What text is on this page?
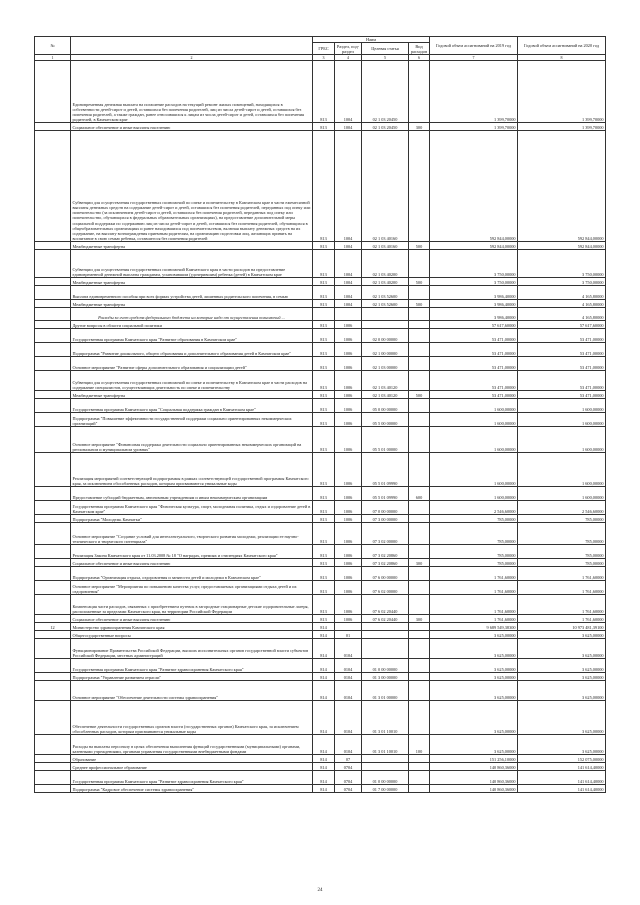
№		Наим				Годовой объем ассигнований на 2019 год	Годовой объем ассигнований на 2020 год
		ГРБС	Раздел, под-раздел	Целевая статья	Вид расходов		
1	2	3	4	5	6	7	8
	Единовременная денежная выплата на погашение расходов на текущий ремонт жилых помещений, находящихся в собственности детей-сирот и детей, оставшихся без попечения родителей, лиц из числа детей-сирот и детей, оставшихся без попечения родителей, а также граждан, ранее относившихся к лицам из числа детей-сирот и детей, оставшихся без попечения родителей, в Камчатском крае	813	1004	02 1 03 20450		1 399,70000	1 399,70000
	Социальное обеспечение и иные выплаты населению	813	1004	02 1 03 20450	300	1 399,70000	1 399,70000
	Субвенции для осуществления государственных полномочий по опеке и попечительству в Камчатском крае в части ежемесячной выплаты денежных средств на содержание детей-сирот и детей, оставшихся без попечения родителей, переданных под опеку или попечительство (за исключением детей-сирот и детей, оставшихся без попечения родителей, переданных под опеку или попечительство, обучающихся в федеральных образовательных организациях), на предоставление дополнительной меры социальной поддержки по содержанию лиц из числа детей-сирот и детей, оставшихся без попечения родителей, обучающихся в общеобразовательных организациях и ранее находившихся под попечительством, включая выплату денежных средств на их содержание, на выплату вознаграждения приемным родителям, на организацию подготовки лиц, желающих принять на воспитание в свою семью ребенка, оставшегося без попечения родителей	813	1004	02 1 03 40160		592 844,00000	592 844,00000
	Межбюджетные трансферты	813	1004	02 1 03 40160	500	592 844,00000	592 844,00000
	Субвенции для осуществления государственных полномочий Камчатского края в части расходов на предоставление единовременной денежной выплаты гражданам, усыновившим (удочерившим) ребенка (детей) в Камчатском крае	813	1004	02 1 03 40200		3 750,00000	3 750,00000
	Межбюджетные трансферты	813	1004	02 1 03 40200	500	3 750,00000	3 750,00000
	Выплата единовременного пособия при всех формах устройства детей, лишенных родительского попечения, в семью	813	1004	02 1 03 52600		3 986,40000	4 165,80000
	Межбюджетные трансферты	813	1004	02 1 03 52600	500	3 986,40000	4 165,80000
	Расходы за счет средств федерального бюджета на которые надо от осуществления полномочий ...					3 986,40000	4 165,80000
	Другие вопросы в области социальной политики	813	1006			57 617,60000	57 617,60000
	Государственная программа Камчатского края "Развитие образования в Камчатском крае"	813	1006	02 0 00 00000		53 471,00000	53 471,00000
	Подпрограмма "Развитие дошкольного, общего образования и дополнительного образования детей в Камчатском крае"	813	1006	02 1 00 00000		53 471,00000	53 471,00000
	Основное мероприятие "Развитие сферы дополнительного образования и социализации детей"	813	1006	02 1 03 00000		53 471,00000	53 471,00000
	Субвенции для осуществления государственных полномочий по опеке и попечительству в Камчатском крае в части расходов на содержание специалистов, осуществляющих деятельность по опеке и попечительству	813	1006	02 1 03 40120		53 471,00000	53 471,00000
	Межбюджетные трансферты	813	1006	02 1 03 40120	500	53 471,00000	53 471,00000
	Государственная программа Камчатского края "Социальная поддержка граждан в Камчатском крае"	813	1006	05 0 00 00000		1 600,00000	1 600,00000
	Подпрограмма "Повышение эффективности государственной поддержки социально ориентированных некоммерческих организаций"	813	1006	05 5 00 00000		1 600,00000	1 600,00000
	Основное мероприятие "Финансовая поддержка деятельности социально ориентированных некоммерческих организаций на региональном и муниципальном уровнях"	813	1006	05 5 01 00000		1 600,00000	1 600,00000
	Реализация мероприятий соответствующей подпрограммы в рамках соответствующей государственной программы Камчатского края, за исключением обособленных расходов, которым присваиваются уникальные коды	813	1006	05 5 01 09990		1 600,00000	1 600,00000
	Предоставление субсидий бюджетным, автономным учреждениям и иным некоммерческим организациям	813	1006	05 5 01 09990	600	1 600,00000	1 600,00000
	Государственная программа Камчатского края "Физическая культура, спорт, молодежная политика, отдых и оздоровление детей в Камчатском крае"	813	1006	07 0 00 00000		2 546,60000	2 546,60000
	Подпрограмма "Молодежь Камчатки"	813	1006	07 3 00 00000		785,00000	785,00000
	Основное мероприятие "Создание условий для интеллектуального, творческого развития молодежи, реализации ее научно-технического и творческого потенциала"	813	1006	07 3 02 00000		785,00000	785,00000
	Реализация Закона Камчатского края от 11.03.2008 № 18 "О наградах, премиях и стипендиях Камчатского края"	813	1006	07 3 02 20860		785,00000	785,00000
	Социальное обеспечение и иные выплаты населению	813	1006	07 3 02 20860	300	785,00000	785,00000
	Подпрограмма "Организация отдыха, оздоровления и занятости детей и молодежи в Камчатском крае"	813	1006	07 6 00 00000		1 761,60000	1 761,60000
	Основное мероприятие "Мероприятия по повышению качества услуг, предоставляемых организациями отдыха детей и их оздоровления"	813	1006	07 6 02 00000		1 761,60000	1 761,60000
	Компенсация части расходов, связанных с приобретением путевок в загородные стационарные детские оздоровительные лагеря, расположенные за пределами Камчатского края, на территории Российской Федерации	813	1006	07 6 02 20440		1 761,60000	1 761,60000
	Социальное обеспечение и иные выплаты населению	813	1006	07 6 02 20440	300	1 761,60000	1 761,60000
12	Министерство здравоохранения Камчатского края	814				9 689 549,38300	10 973 481,39100
	Общегосударственные вопросы	814	01			3 625,00000	3 625,00000
	Функционирование Правительства Российской Федерации, высших исполнительных органов государственной власти субъектов Российской Федерации, местных администраций	814	0104			3 625,00000	3 625,00000
	Государственная программа Камчатского края "Развитие здравоохранения Камчатского края"	814	0104	01 0 00 00000		3 625,00000	3 625,00000
	Подпрограмма "Управление развитием отрасли"	814	0104	01 3 00 00000		3 625,00000	3 625,00000
	Основное мероприятие "Обеспечение деятельности системы здравоохранения"	814	0104	01 3 01 00000		3 625,00000	3 625,00000
	Обеспечение деятельности государственных органов власти (государственных органов) Камчатского края, за исключением обособленных расходов, которым присваиваются уникальные коды	814	0104	01 3 01 10010		3 625,00000	3 625,00000
	Расходы на выплаты персоналу в целях обеспечения выполнения функций государственными (муниципальными) органами, казенными учреждениями, органами управления государственными внебюджетными фондами	814	0104	01 3 01 10010	100	3 625,00000	3 625,00000
	Образование	814	07			151 256,10000	152 075,00000
	Среднее профессиональное образование	814	0704			140 860,36000	141 614,40000
	Государственная программа Камчатского края "Развитие здравоохранения Камчатского края"	814	0704	01 0 00 00000		140 860,36000	141 614,40000
	Подпрограмма "Кадровое обеспечение системы здравоохранения"	814	0704	01 7 00 00000		140 860,36000	141 614,40000
24
